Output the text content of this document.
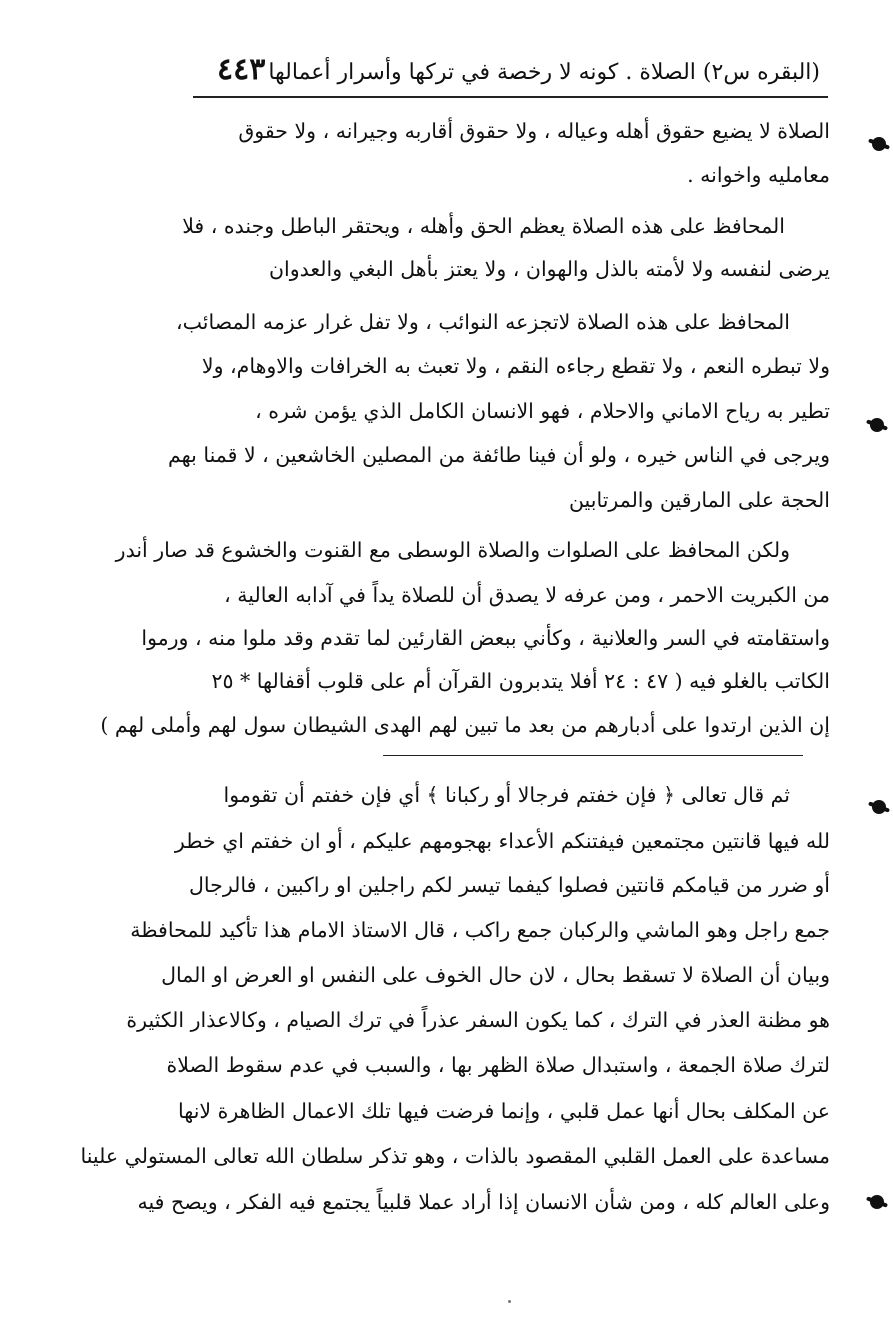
٤٤٣ (البقره س٢) الصلاة . كونه لا رخصة في تركها وأسرار أعمالها
الصلاة لا يضيع حقوق أهله وعياله ، ولا حقوق أقاربه وجيرانه ، ولا حقوق
معامليه واخوانه .
المحافظ على هذه الصلاة يعظم الحق وأهله ، ويحتقر الباطل وجنده ، فلا
يرضى لنفسه ولا لأمته بالذل والهوان ، ولا يعتز بأهل البغي والعدوان
المحافظ على هذه الصلاة لاتجزعه النوائب ، ولا تفل غرار عزمه المصائب،
ولا تبطره النعم ، ولا تقطع رجاءه النقم ، ولا تعبث به الخرافات والاوهام، ولا
تطير به رياح الاماني والاحلام ، فهو الانسان الكامل الذي يؤمن شره ،
ويرجى في الناس خيره ، ولو أن فينا طائفة من المصلين الخاشعين ، لا قمنا بهم
الحجة على المارقين والمرتابين
ولكن المحافظ على الصلوات والصلاة الوسطى مع القنوت والخشوع قد صار أندر
من الكبريت الاحمر ، ومن عرفه لا يصدق أن للصلاة يداً في آدابه العالية ،
واستقامته في السر والعلانية ، وكأني ببعض القارئين لما تقدم وقد ملوا منه ، ورموا
الكاتب بالغلو فيه ( ٤٧ : ٢٤ أفلا يتدبرون القرآن أم على قلوب أقفالها * ٢٥
إن الذين ارتدوا على أدبارهم من بعد ما تبين لهم الهدى الشيطان سول لهم وأملى لهم )
ثم قال تعالى ﴿ فإن خفتم فرجالا أو ركبانا ﴾ أي فإن خفتم أن تقوموا
لله فيها قانتين مجتمعين فيفتنكم الأعداء بهجومهم عليكم ، أو ان خفتم اي خطر
أو ضرر من قيامكم قانتين فصلوا كيفما تيسر لكم راجلين او راكبين ، فالرجال
جمع راجل وهو الماشي والركبان جمع راكب ، قال الاستاذ الامام هذا تأكيد للمحافظة
وبيان أن الصلاة لا تسقط بحال ، لان حال الخوف على النفس او العرض او المال
هو مظنة العذر في الترك ، كما يكون السفر عذراً في ترك الصيام ، وكالاعذار الكثيرة
لترك صلاة الجمعة ، واستبدال صلاة الظهر بها ، والسبب في عدم سقوط الصلاة
عن المكلف بحال أنها عمل قلبي ، وإنما فرضت فيها تلك الاعمال الظاهرة لانها
مساعدة على العمل القلبي المقصود بالذات ، وهو تذكر سلطان الله تعالى المستولي علينا
وعلى العالم كله ، ومن شأن الانسان إذا أراد عملا قلبياً يجتمع فيه الفكر ، ويصح فيه
